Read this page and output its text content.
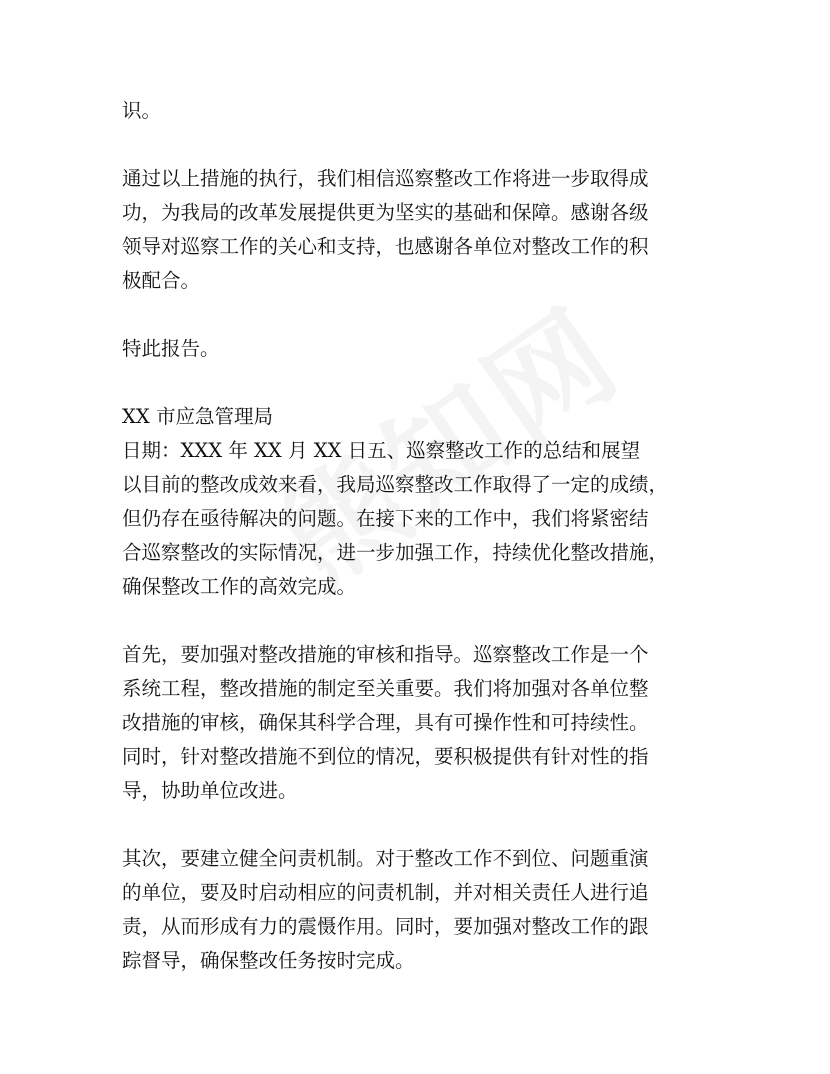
识。

通过以上措施的执行，我们相信巡察整改工作将进一步取得成
功，为我局的改革发展提供更为坚实的基础和保障。感谢各级
领导对巡察工作的关心和支持，也感谢各单位对整改工作的积
极配合。

特此报告。

XX 市应急管理局
日期：XXX 年 XX 月 XX 日五、巡察整改工作的总结和展望
以目前的整改成效来看，我局巡察整改工作取得了一定的成绩，
但仍存在亟待解决的问题。在接下来的工作中，我们将紧密结
合巡察整改的实际情况，进一步加强工作，持续优化整改措施，
确保整改工作的高效完成。

首先，要加强对整改措施的审核和指导。巡察整改工作是一个
系统工程，整改措施的制定至关重要。我们将加强对各单位整
改措施的审核，确保其科学合理，具有可操作性和可持续性。
同时，针对整改措施不到位的情况，要积极提供有针对性的指
导，协助单位改进。

其次，要建立健全问责机制。对于整改工作不到位、问题重演
的单位，要及时启动相应的问责机制，并对相关责任人进行追
责，从而形成有力的震慑作用。同时，要加强对整改工作的跟
踪督导，确保整改任务按时完成。
